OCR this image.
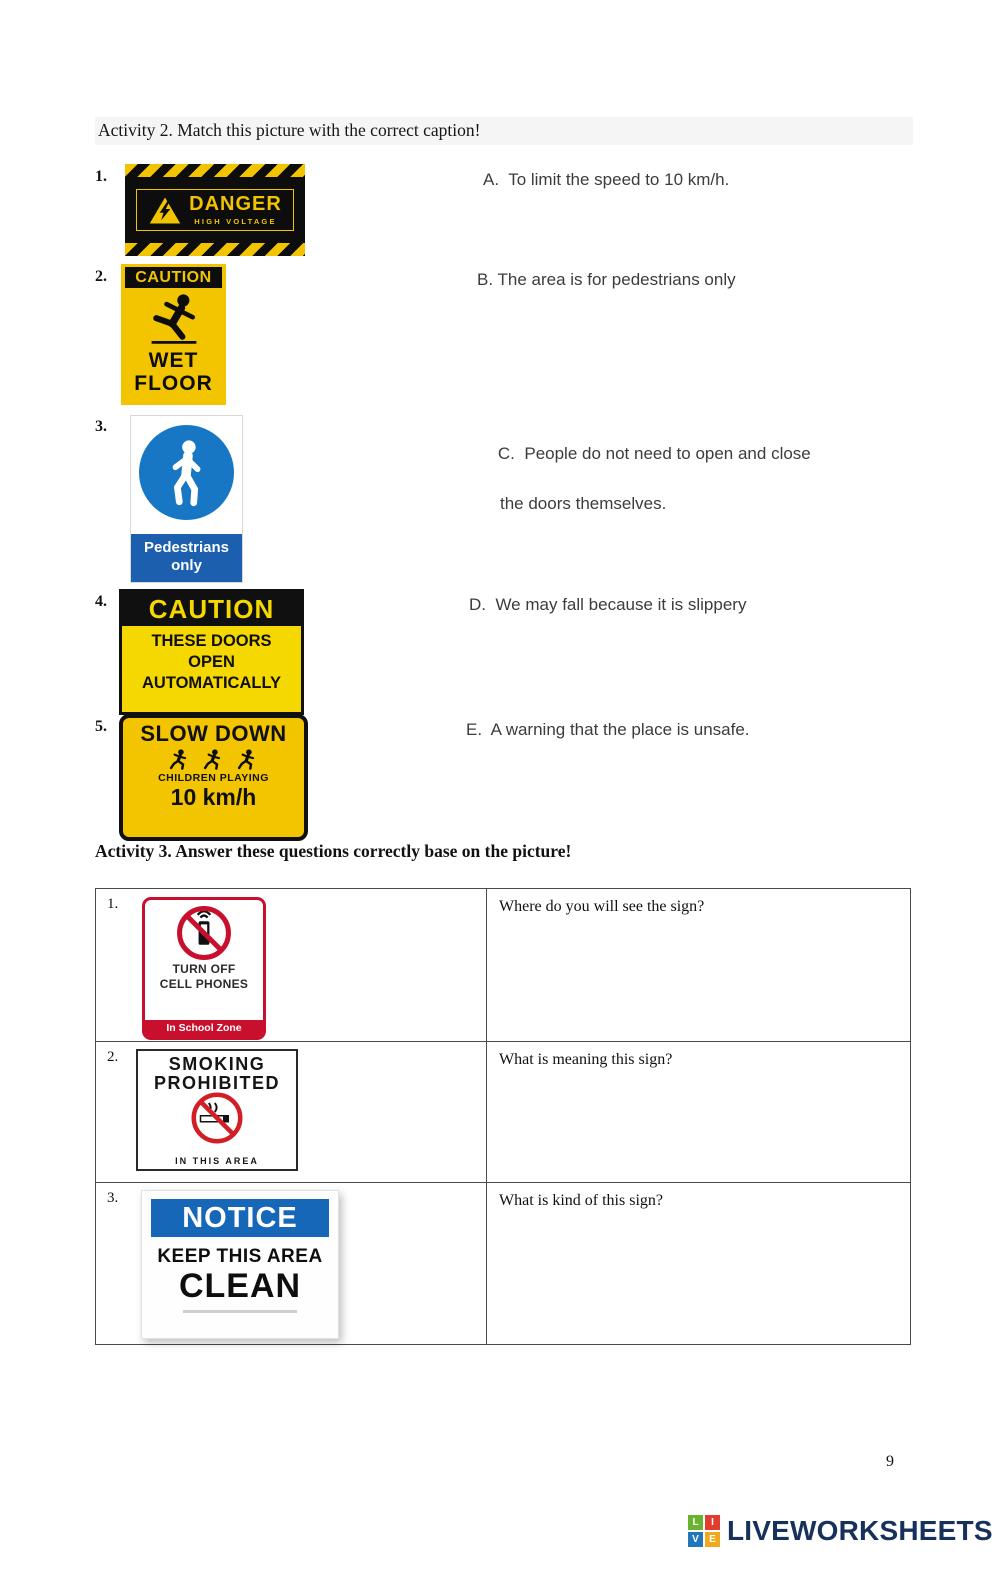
Activity 2. Match this picture with the correct caption!
1.
DANGER
HIGH VOLTAGE
A.  To limit the speed to 10 km/h.
2.	CAUTION
WET
FLOOR
B. The area is for pedestrians only
3.
Pedestrians
only

C.  People do not need to open and close

the doors themselves.

4.	CAUTION
THESE DOORS
OPEN
AUTOMATICALLY
D.  We may fall because it is slippery
5. SLOW DOWN
CHILDREN PLAYING
10 km/h
E.  A warning that the place is unsafe.
Activity 3. Answer these questions correctly base on the picture!
1.
TURN OFF
CELL PHONES
In School Zone	Where do you will see the sign?

2. SMOKING
PROHIBITED
IN THIS AREA	What is meaning this sign?

3.
NOTICE
KEEP THIS AREA
CLEAN	What is kind of this sign?
9
L	I
V	E LIVEWORKSHEETS
